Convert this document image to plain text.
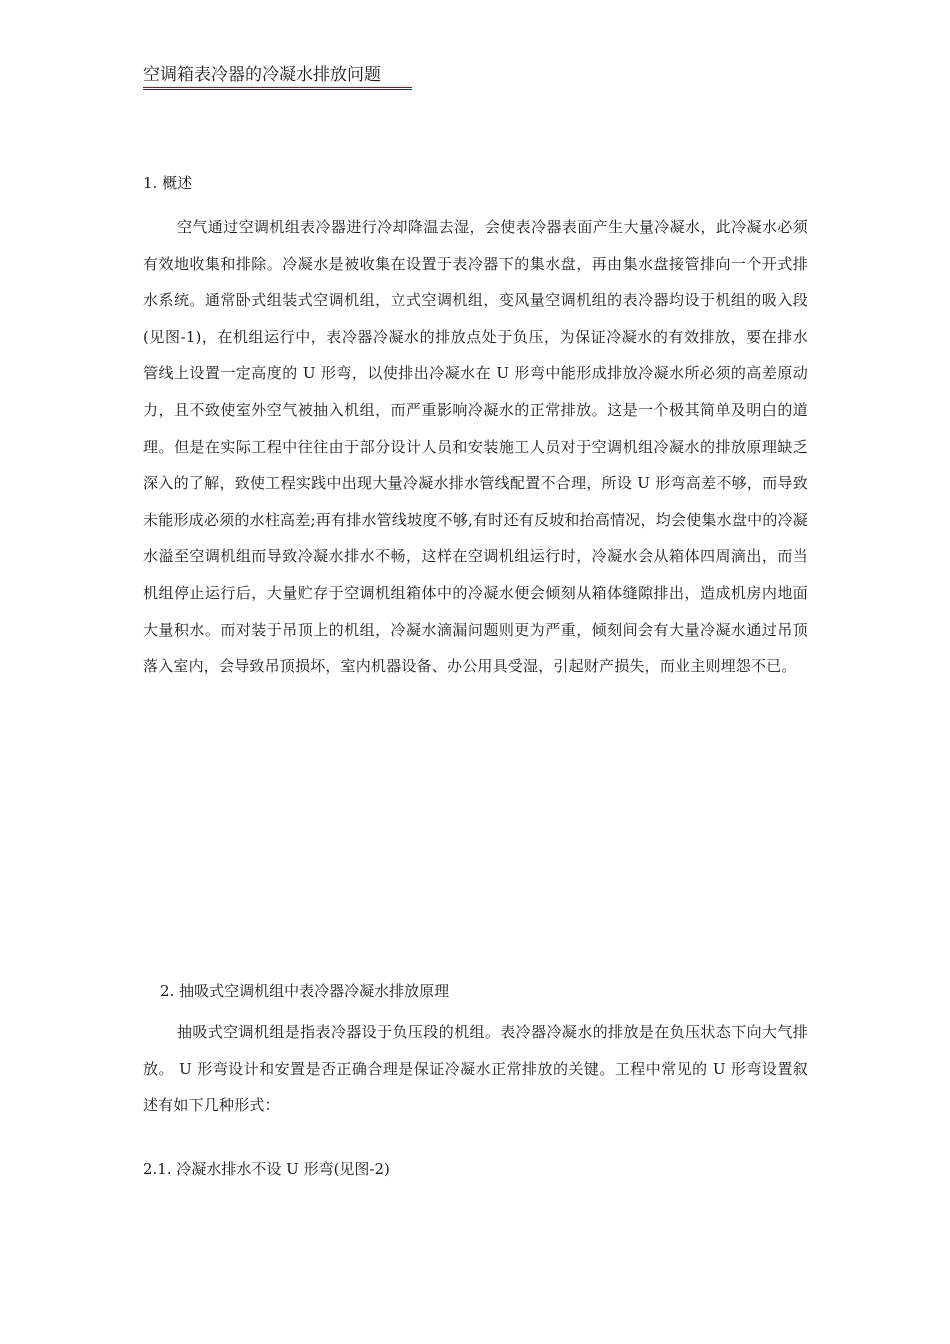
空调箱表冷器的冷凝水排放问题
1. 概述

空气通过空调机组表冷器进行冷却降温去湿，会使表冷器表面产生大量冷凝水，此冷凝水必须有效地收集和排除。冷凝水是被收集在设置于表冷器下的集水盘，再由集水盘接管排向一个开式排水系统。通常卧式组装式空调机组，立式空调机组，变风量空调机组的表冷器均设于机组的吸入段(见图-1)，在机组运行中，表冷器冷凝水的排放点处于负压，为保证冷凝水的有效排放，要在排水管线上设置一定高度的 U 形弯，以使排出冷凝水在 U 形弯中能形成排放冷凝水所必须的高差原动力，且不致使室外空气被抽入机组，而严重影响冷凝水的正常排放。这是一个极其简单及明白的道理。但是在实际工程中往往由于部分设计人员和安装施工人员对于空调机组冷凝水的排放原理缺乏深入的了解，致使工程实践中出现大量冷凝水排水管线配置不合理，所设 U 形弯高差不够，而导致未能形成必须的水柱高差;再有排水管线坡度不够,有时还有反坡和抬高情况，均会使集水盘中的冷凝水溢至空调机组而导致冷凝水排水不畅，这样在空调机组运行时，冷凝水会从箱体四周滴出，而当机组停止运行后，大量贮存于空调机组箱体中的冷凝水便会倾刻从箱体缝隙排出，造成机房内地面大量积水。而对装于吊顶上的机组，冷凝水滴漏问题则更为严重，倾刻间会有大量冷凝水通过吊顶落入室内，会导致吊顶损坏，室内机器设备、办公用具受湿，引起财产损失，而业主则埋怨不已。

2. 抽吸式空调机组中表冷器冷凝水排放原理

抽吸式空调机组是指表冷器设于负压段的机组。表冷器冷凝水的排放是在负压状态下向大气排放。 U 形弯设计和安置是否正确合理是保证冷凝水正常排放的关键。工程中常见的 U 形弯设置叙述有如下几种形式：

2.1. 冷凝水排水不设 U 形弯(见图-2)
